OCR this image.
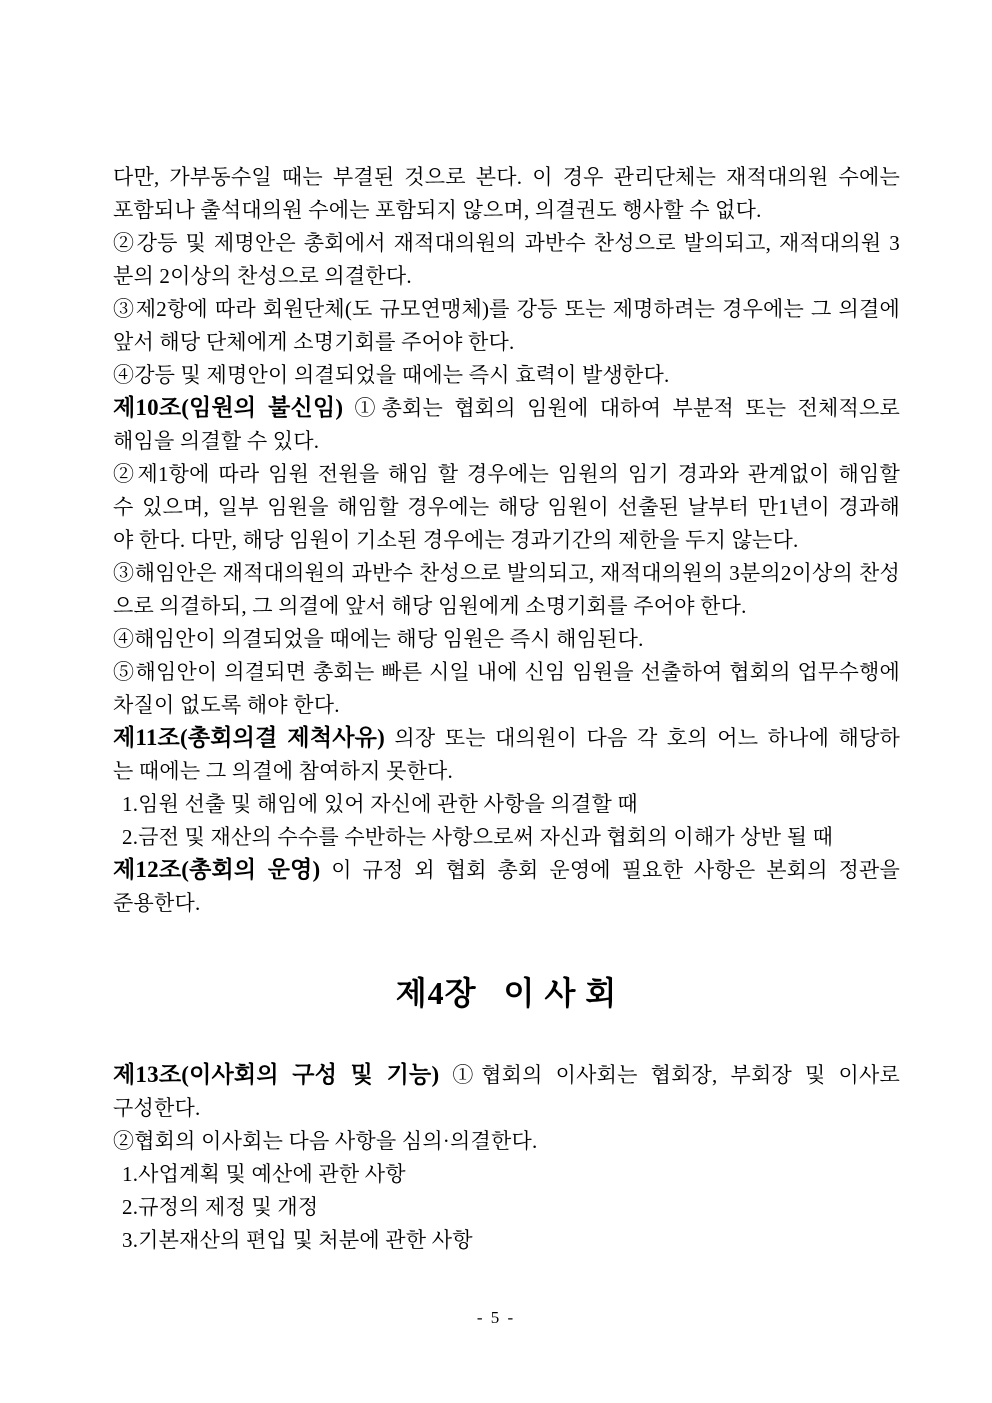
다만, 가부동수일 때는 부결된 것으로 본다. 이 경우 관리단체는 재적대의원 수에는
포함되나 출석대의원 수에는 포함되지 않으며, 의결권도 행사할 수 없다.
②강등 및 제명안은 총회에서 재적대의원의 과반수 찬성으로 발의되고, 재적대의원 3
분의 2이상의 찬성으로 의결한다.
③제2항에 따라 회원단체(도 규모연맹체)를 강등 또는 제명하려는 경우에는 그 의결에
앞서 해당 단체에게 소명기회를 주어야 한다.
④강등 및 제명안이 의결되었을 때에는 즉시 효력이 발생한다.
제10조(임원의 불신임) ①총회는 협회의 임원에 대하여 부분적 또는 전체적으로
해임을 의결할 수 있다.
②제1항에 따라 임원 전원을 해임 할 경우에는 임원의 임기 경과와 관계없이 해임할
수 있으며, 일부 임원을 해임할 경우에는 해당 임원이 선출된 날부터 만1년이 경과해
야 한다. 다만, 해당 임원이 기소된 경우에는 경과기간의 제한을 두지 않는다.
③해임안은 재적대의원의 과반수 찬성으로 발의되고, 재적대의원의 3분의2이상의 찬성
으로 의결하되, 그 의결에 앞서 해당 임원에게 소명기회를 주어야 한다.
④해임안이 의결되었을 때에는 해당 임원은 즉시 해임된다.
⑤해임안이 의결되면 총회는 빠른 시일 내에 신임 임원을 선출하여 협회의 업무수행에
차질이 없도록 해야 한다.
제11조(총회의결 제척사유) 의장 또는 대의원이 다음 각 호의 어느 하나에 해당하
는 때에는 그 의결에 참여하지 못한다.
1.임원 선출 및 해임에 있어 자신에 관한 사항을 의결할 때
2.금전 및 재산의 수수를 수반하는 사항으로써 자신과 협회의 이해가 상반 될 때
제12조(총회의 운영) 이 규정 외 협회 총회 운영에 필요한 사항은 본회의 정관을
준용한다.
제4장   이 사 회
제13조(이사회의 구성 및 기능) ①협회의 이사회는 협회장, 부회장 및 이사로
구성한다.
②협회의 이사회는 다음 사항을 심의·의결한다.
1.사업계획 및 예산에 관한 사항
2.규정의 제정 및 개정
3.기본재산의 편입 및 처분에 관한 사항
- 5 -
